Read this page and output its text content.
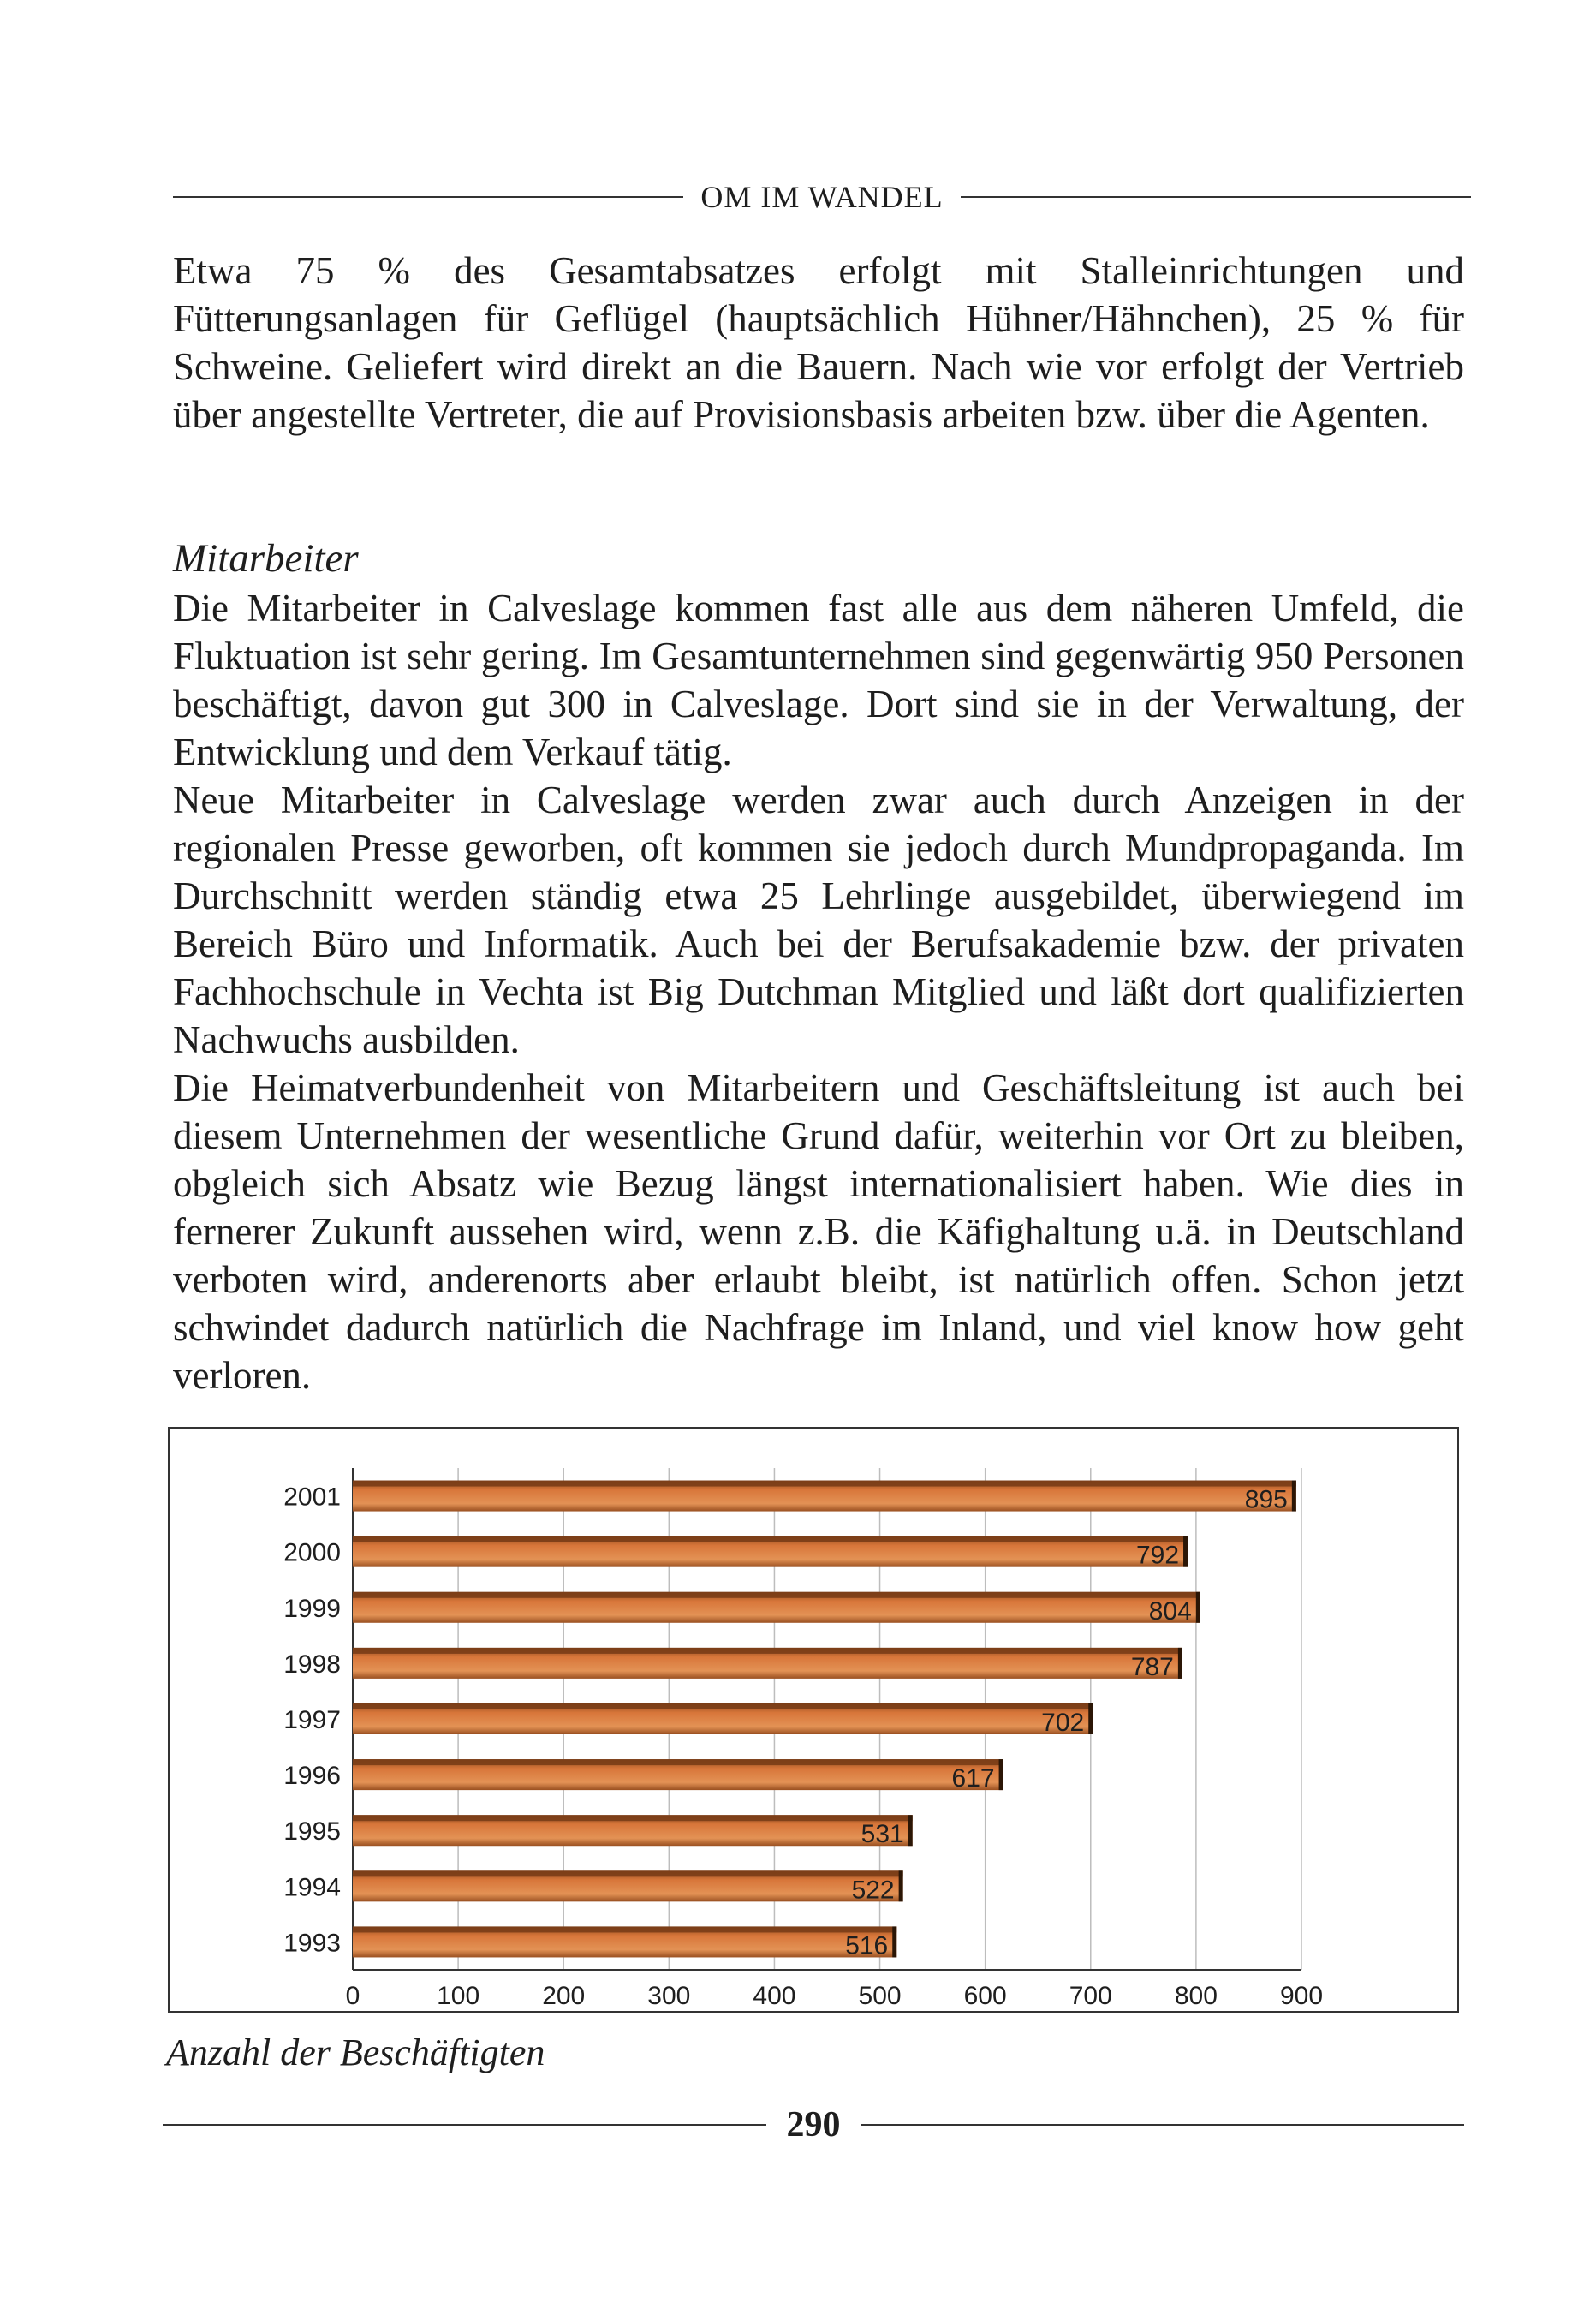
OM IM WANDEL

Etwa 75 % des Gesamtabsatzes erfolgt mit Stalleinrichtungen und Fütterungsanlagen für Geflügel (hauptsächlich Hühner/Hähnchen), 25 % für Schweine. Geliefert wird direkt an die Bauern. Nach wie vor erfolgt der Vertrieb über angestellte Vertreter, die auf Provisionsbasis arbeiten bzw. über die Agenten.

Mitarbeiter

Die Mitarbeiter in Calveslage kommen fast alle aus dem näheren Umfeld, die Fluktuation ist sehr gering. Im Gesamtunternehmen sind gegenwärtig 950 Personen beschäftigt, davon gut 300 in Calveslage. Dort sind sie in der Verwaltung, der Entwicklung und dem Verkauf tätig.

Neue Mitarbeiter in Calveslage werden zwar auch durch Anzeigen in der regionalen Presse geworben, oft kommen sie jedoch durch Mundpropaganda. Im Durchschnitt werden ständig etwa 25 Lehrlinge ausgebildet, überwiegend im Bereich Büro und Informatik. Auch bei der Berufsakademie bzw. der privaten Fachhochschule in Vechta ist Big Dutchman Mitglied und läßt dort qualifizierten Nachwuchs ausbilden.

Die Heimatverbundenheit von Mitarbeitern und Geschäftsleitung ist auch bei diesem Unternehmen der wesentliche Grund dafür, weiterhin vor Ort zu bleiben, obgleich sich Absatz wie Bezug längst internationalisiert haben. Wie dies in fernerer Zukunft aussehen wird, wenn z.B. die Käfighaltung u.ä. in Deutschland verboten wird, anderenorts aber erlaubt bleibt, ist natürlich offen. Schon jetzt schwindet dadurch natürlich die Nachfrage im Inland, und viel know how geht verloren.

895
2001
792
2000
804
1999
787
1998
702
1997
617
1996
531
1995
522
1994
516
1993
0	100 200 300 400 500 600 700 800 900

Anzahl der Beschäftigten

290
